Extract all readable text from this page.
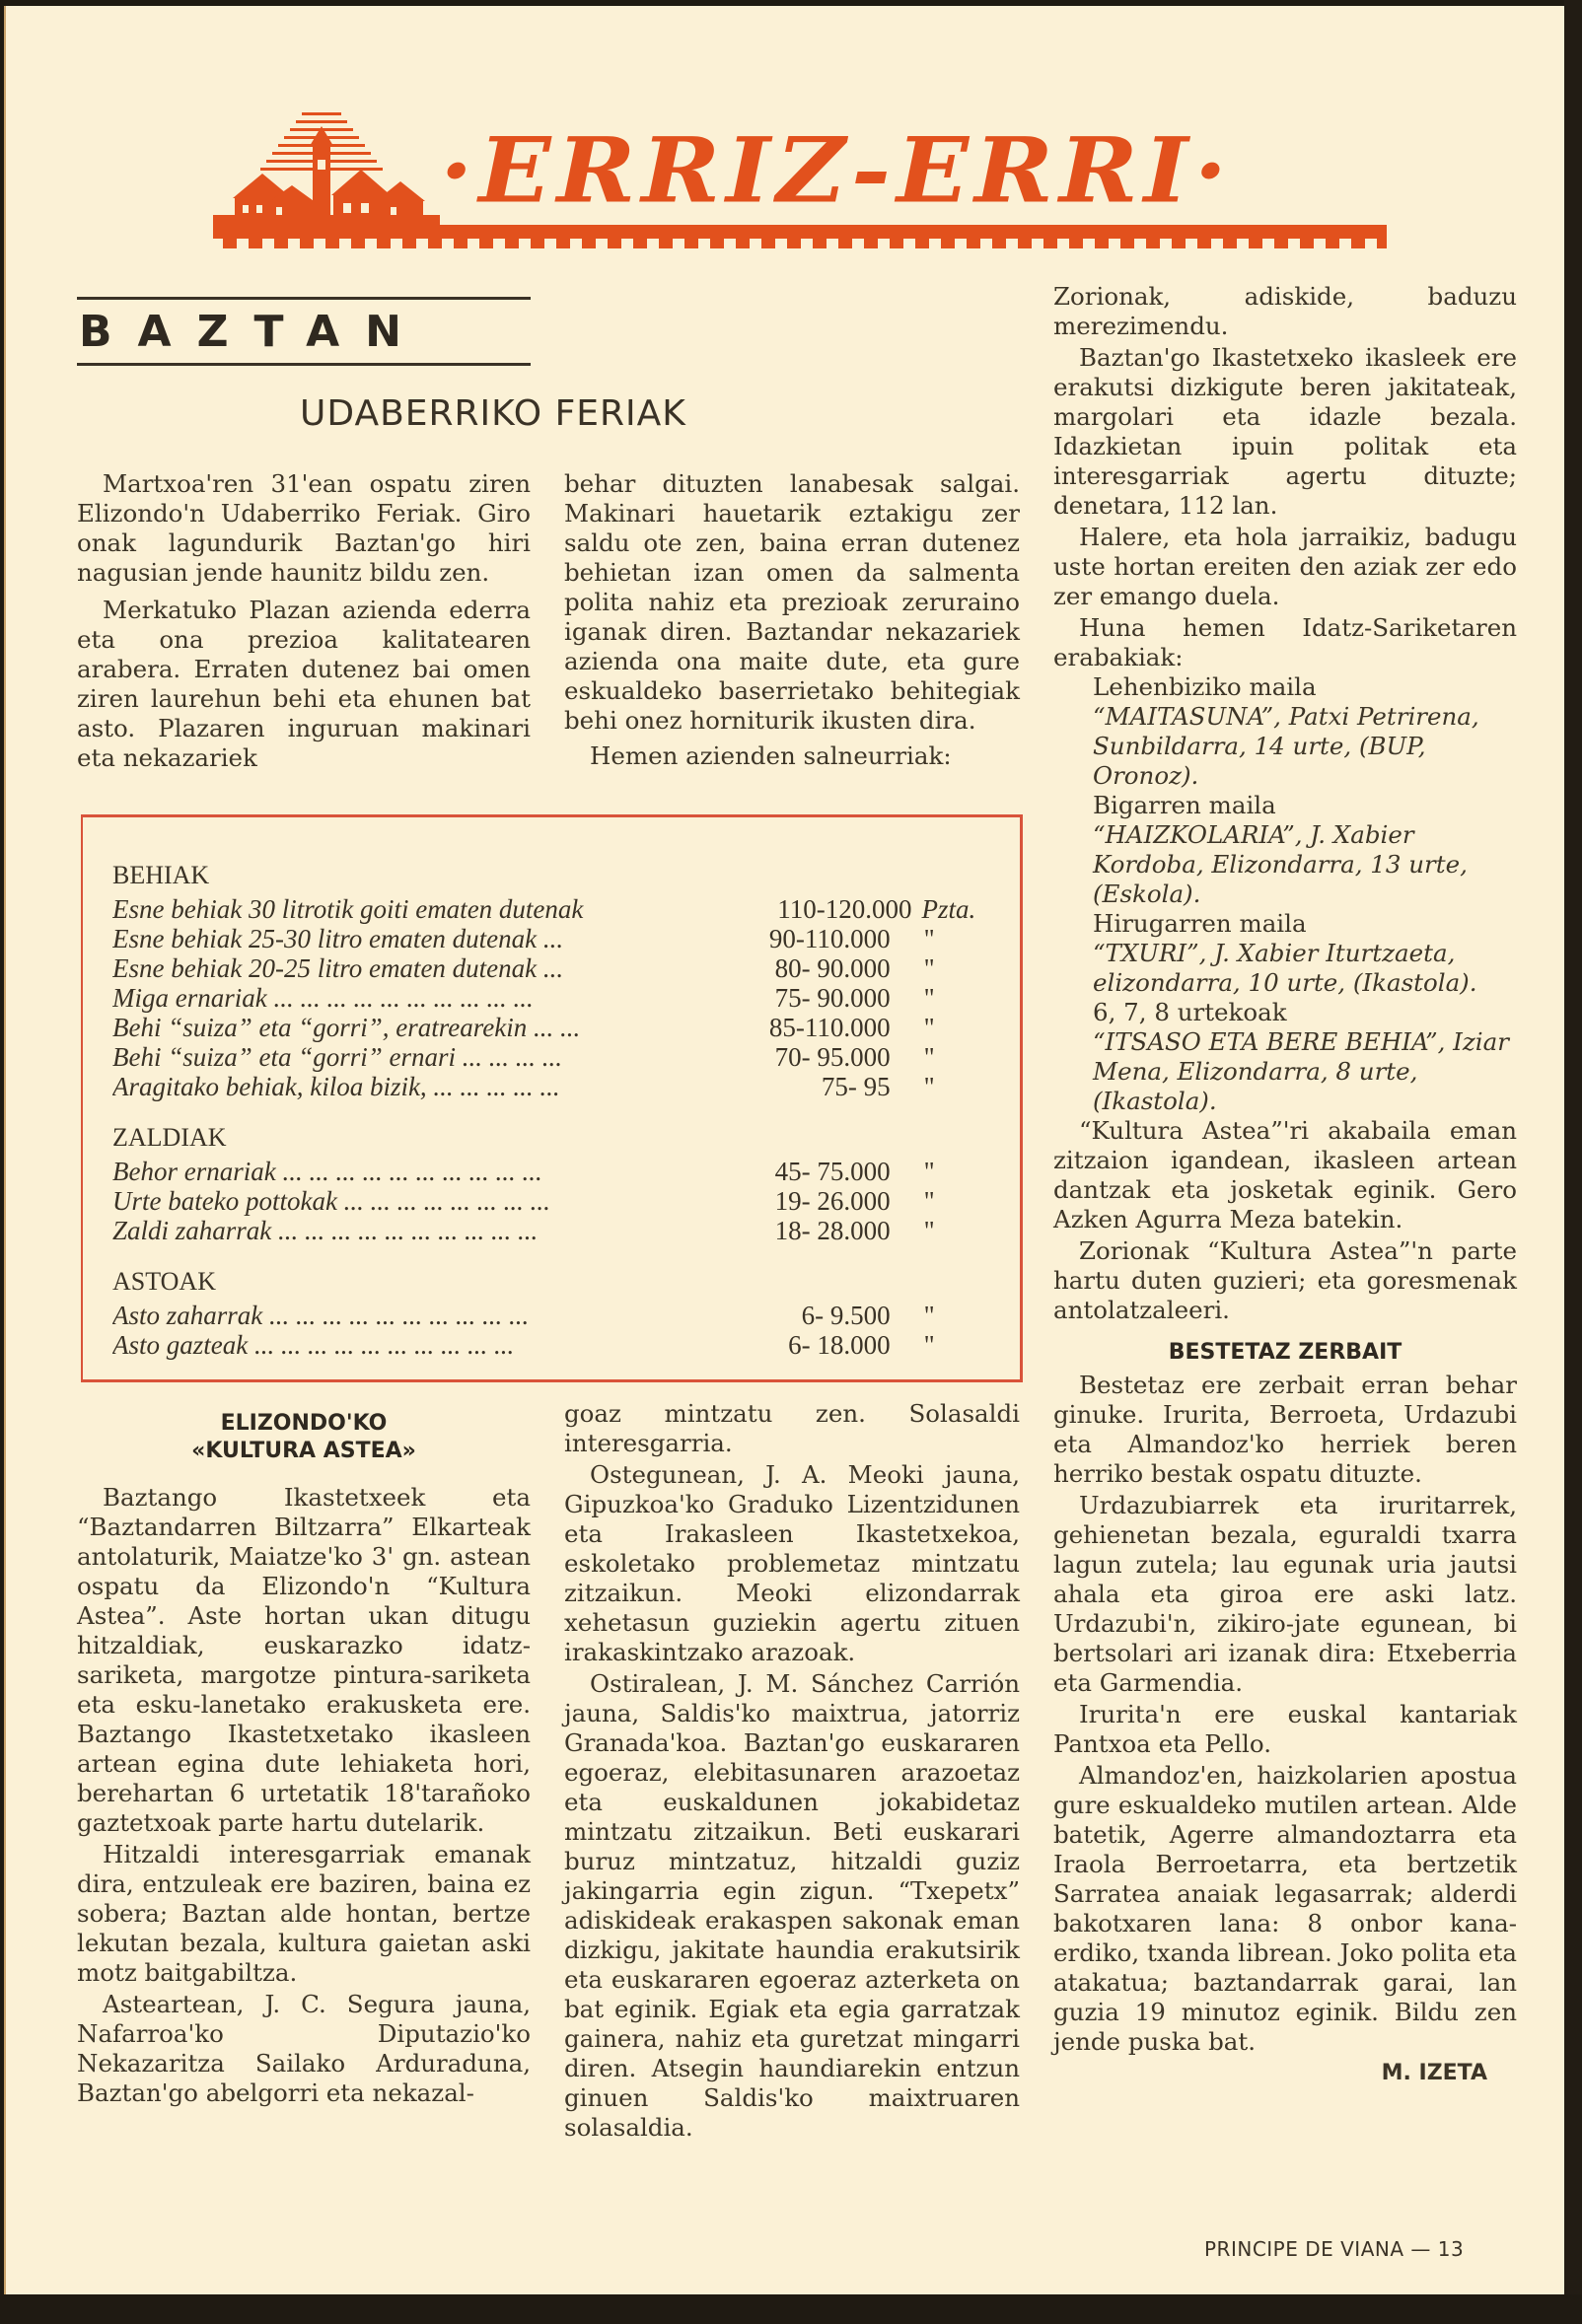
·ERRIZ-ERRI·
BAZTAN
UDABERRIKO FERIAK

Martxoa'ren 31'ean ospatu ziren Elizondo'n Udaberriko Feriak. Giro onak lagundurik Baztan'go hiri nagusian jende haunitz bildu zen.

Merkatuko Plazan azienda ederra eta ona prezioa kalitatearen arabera. Erraten dutenez bai omen ziren laurehun behi eta ehunen bat asto. Plazaren inguruan makinari eta nekazariek

behar dituzten lanabesak salgai. Makinari hauetarik eztakigu zer saldu ote zen, baina erran dutenez behietan izan omen da salmenta polita nahiz eta prezioak zeruraino iganak diren. Baztandar nekazariek azienda ona maite dute, eta gure eskualdeko baserrietako behitegiak behi onez horniturik ikusten dira.

Hemen azienden salneurriak:

BEHIAK
Esne behiak 30 litrotik goiti ematen dutenak	110-120.000 Pzta.
Esne behiak 25-30 litro ematen dutenak ...	90-110.000	"
Esne behiak 20-25 litro ematen dutenak ...	80- 90.000	"
Miga ernariak ... ... ... ... ... ... ... ... ... ...	75- 90.000	"
Behi “suiza” eta “gorri”, eratrearekin ... ...	85-110.000	"
Behi “suiza” eta “gorri” ernari ... ... ... ...	70- 95.000	"
Aragitako behiak, kiloa bizik, ... ... ... ... ...	75- 95	"
ZALDIAK
Behor ernariak ... ... ... ... ... ... ... ... ... ...	45- 75.000	"
Urte bateko pottokak ... ... ... ... ... ... ... ...	19- 26.000	"
Zaldi zaharrak ... ... ... ... ... ... ... ... ... ...	18- 28.000	"
ASTOAK
Asto zaharrak ... ... ... ... ... ... ... ... ... ...	6- 9.500	"
Asto gazteak ... ... ... ... ... ... ... ... ... ...	6- 18.000	"
ELIZONDO'KO
«KULTURA ASTEA»

Baztango Ikastetxeek eta “Baztandarren Biltzarra” Elkarteak antolaturik, Maiatze'ko 3' gn. astean ospatu da Elizondo'n “Kultura Astea”. Aste hortan ukan ditugu hitzaldiak, euskarazko idatz-sariketa, margotze pintura-sariketa eta esku-lanetako erakusketa ere. Baztango Ikastetxetako ikasleen artean egina dute lehiaketa hori, berehartan 6 urtetatik 18'tarañoko gaztetxoak parte hartu dutelarik.

Hitzaldi interesgarriak emanak dira, entzuleak ere baziren, baina ez sobera; Baztan alde hontan, bertze lekutan bezala, kultura gaietan aski motz baitgabiltza.

Asteartean, J. C. Segura jauna, Nafarroa'ko Diputazio'ko Nekazaritza Sailako Arduraduna, Baztan'go abelgorri eta nekazal-

goaz mintzatu zen. Solasaldi interesgarria.

Ostegunean, J. A. Meoki jauna, Gipuzkoa'ko Graduko Lizentzidunen eta Irakasleen Ikastetxekoa, eskoletako problemetaz mintzatu zitzaikun. Meoki elizondarrak xehetasun guziekin agertu zituen irakaskintzako arazoak.

Ostiralean, J. M. Sánchez Carrión jauna, Saldis'ko maixtrua, jatorriz Granada'koa. Baztan'go euskararen egoeraz, elebitasunaren arazoetaz eta euskaldunen jokabidetaz mintzatu zitzaikun. Beti euskarari buruz mintzatuz, hitzaldi guziz jakingarria egin zigun. “Txepetx” adiskideak erakaspen sakonak eman dizkigu, jakitate haundia erakutsirik eta euskararen egoeraz azterketa on bat eginik. Egiak eta egia garratzak gainera, nahiz eta guretzat mingarri diren. Atsegin haundiarekin entzun ginuen Saldis'ko maixtruaren solasaldia.

Zorionak, adiskide, baduzu merezimendu.

Baztan'go Ikastetxeko ikasleek ere erakutsi dizkigute beren jakitateak, margolari eta idazle bezala. Idazkietan ipuin politak eta interesgarriak agertu dituzte; denetara, 112 lan.

Halere, eta hola jarraikiz, badugu uste hortan ereiten den aziak zer edo zer emango duela.

Huna hemen Idatz-Sariketaren erabakiak:

Lehenbiziko maila
“MAITASUNA”, Patxi Petrirena, Sunbildarra, 14 urte, (BUP, Oronoz).
Bigarren maila
“HAIZKOLARIA”, J. Xabier Kordoba, Elizondarra, 13 urte, (Eskola).
Hirugarren maila
“TXURI”, J. Xabier Iturtzaeta, elizondarra, 10 urte, (Ikastola).
6, 7, 8 urtekoak
“ITSASO ETA BERE BEHIA”, Iziar Mena, Elizondarra, 8 urte, (Ikastola).

“Kultura Astea”'ri akabaila eman zitzaion igandean, ikasleen artean dantzak eta josketak eginik. Gero Azken Agurra Meza batekin.

Zorionak “Kultura Astea”'n parte hartu duten guzieri; eta goresmenak antolatzaleeri.

BESTETAZ ZERBAIT

Bestetaz ere zerbait erran behar ginuke. Irurita, Berroeta, Urdazubi eta Almandoz'ko herriek beren herriko bestak ospatu dituzte.

Urdazubiarrek eta iruritarrek, gehienetan bezala, eguraldi txarra lagun zutela; lau egunak uria jautsi ahala eta giroa ere aski latz. Urdazubi'n, zikiro-jate egunean, bi bertsolari ari izanak dira: Etxeberria eta Garmendia.

Irurita'n ere euskal kantariak Pantxoa eta Pello.

Almandoz'en, haizkolarien apostua gure eskualdeko mutilen artean. Alde batetik, Agerre almandoztarra eta Iraola Berroetarra, eta bertzetik Sarratea anaiak legasarrak; alderdi bakotxaren lana: 8 onbor kana-erdiko, txanda librean. Joko polita eta atakatua; baztandarrak garai, lan guzia 19 minutoz eginik. Bildu zen jende puska bat.

M. IZETA
PRINCIPE DE VIANA — 13
